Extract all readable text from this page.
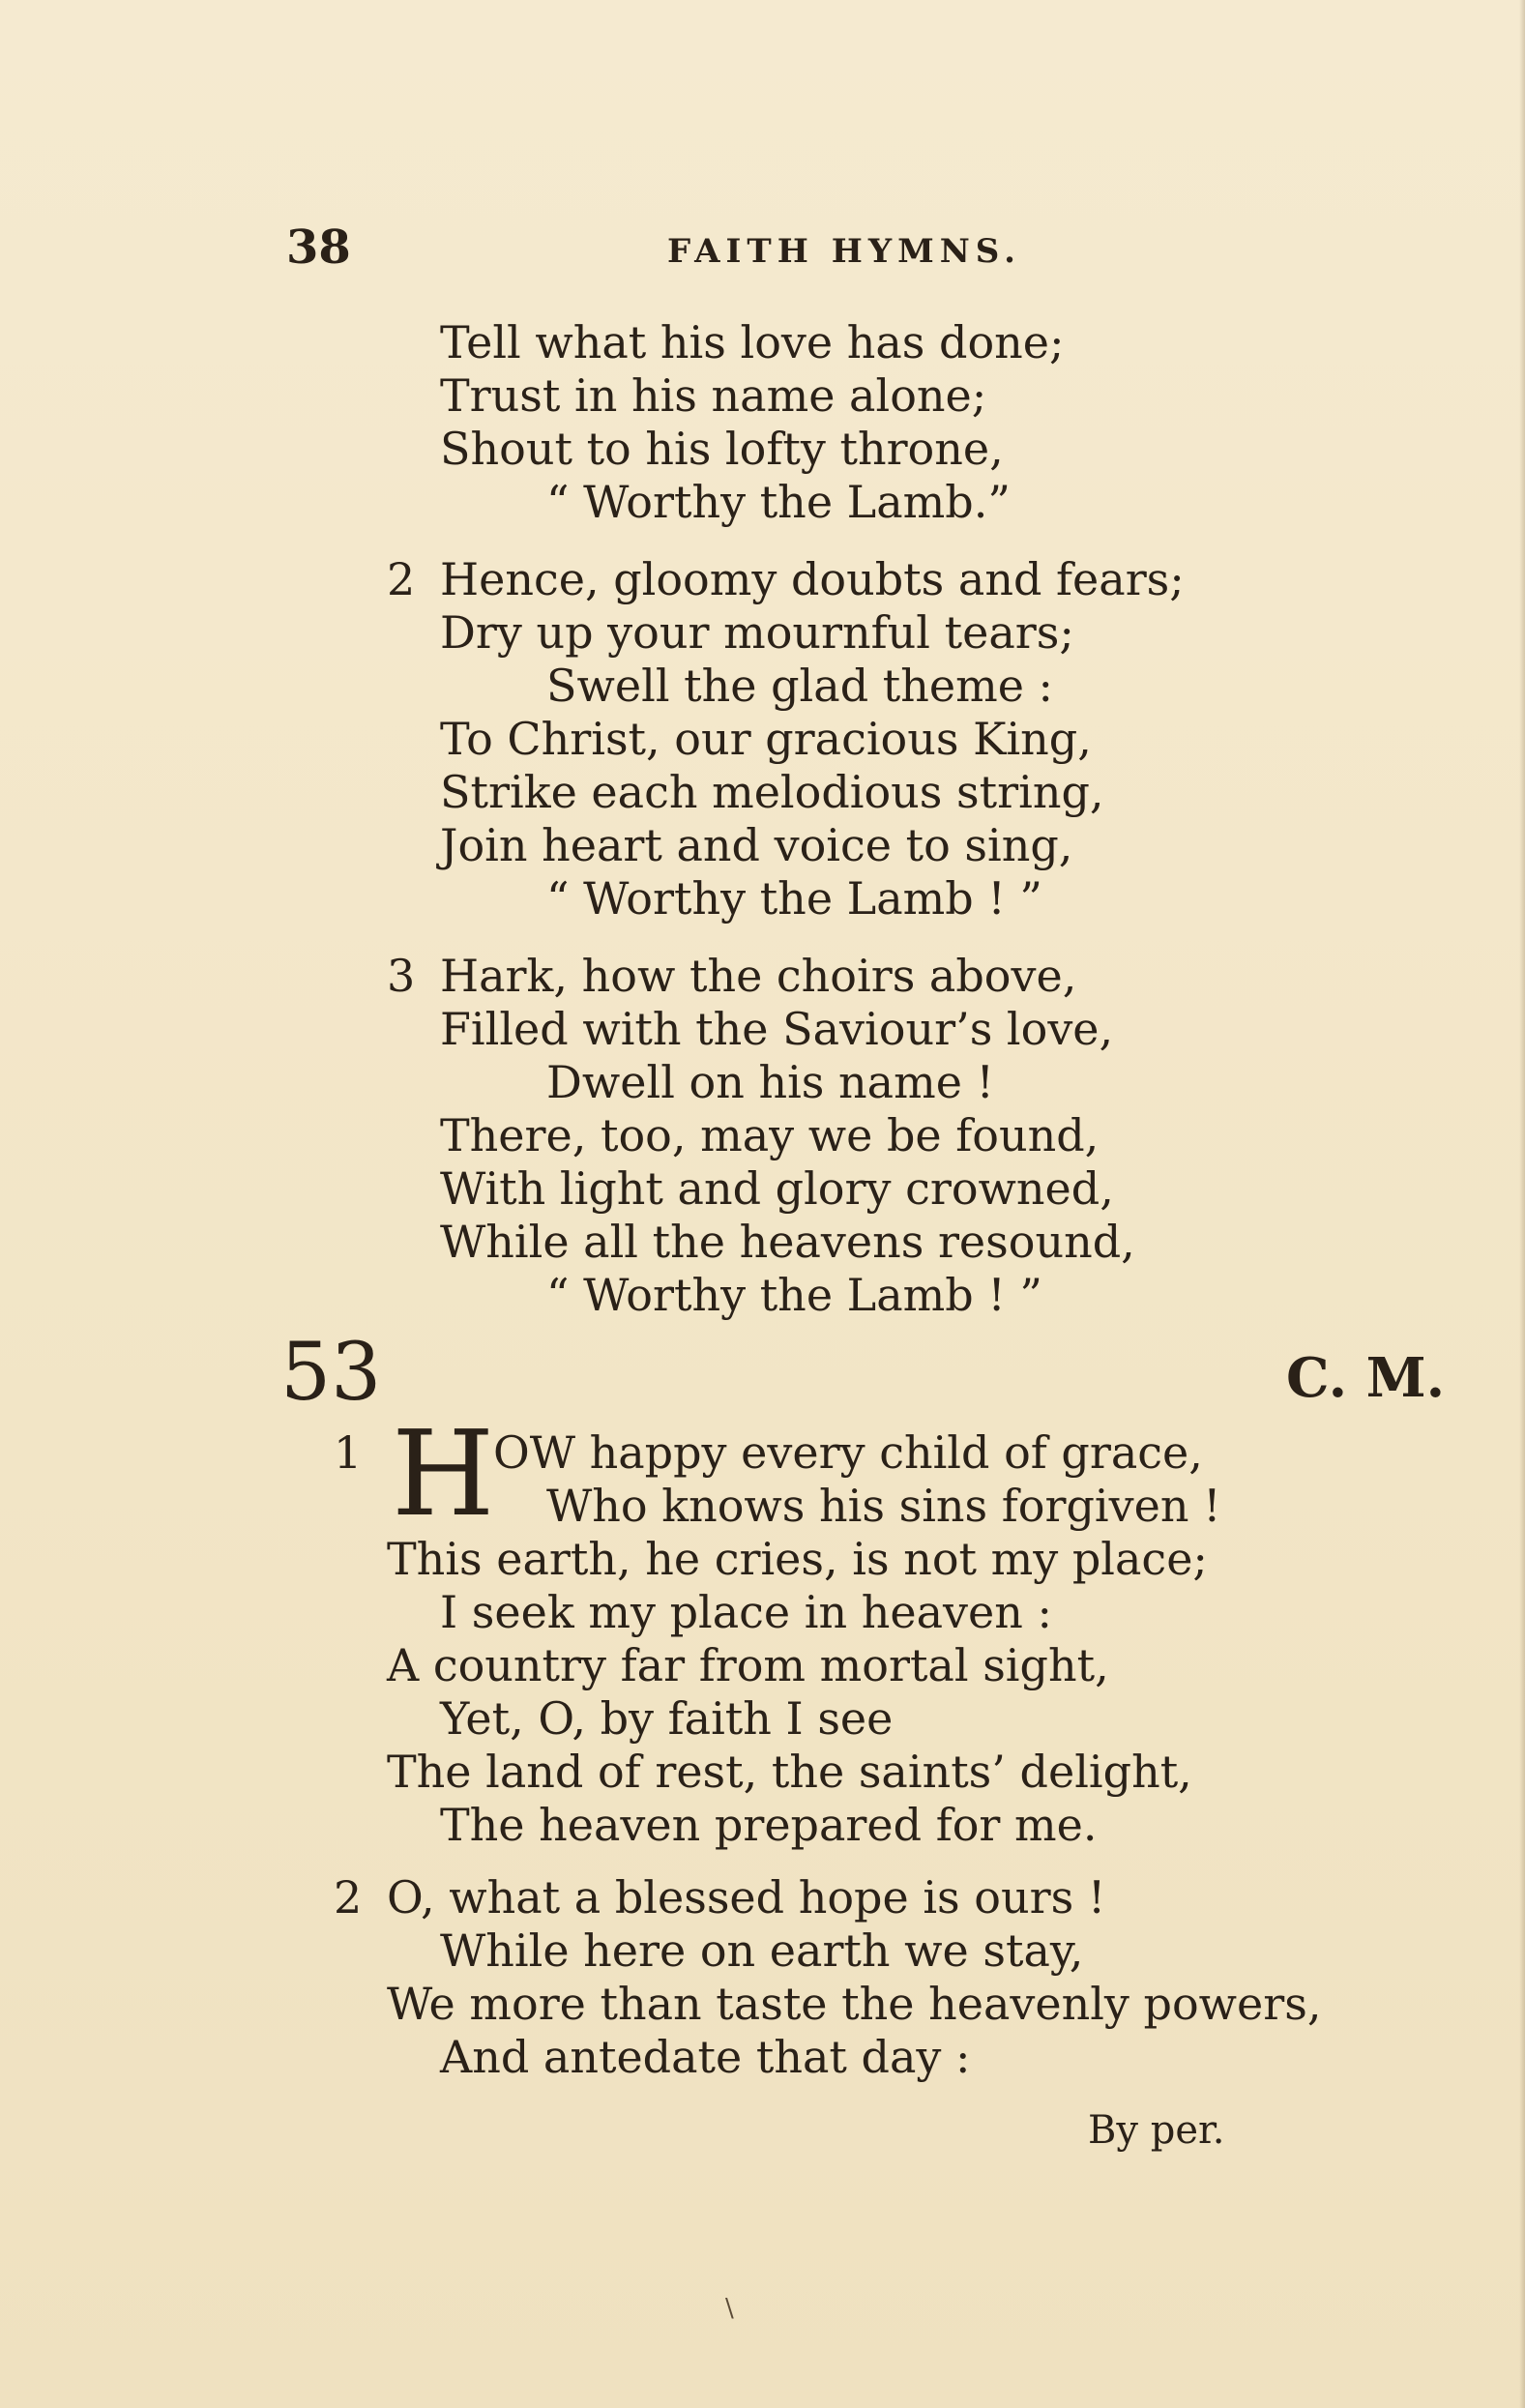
38	FAITH HYMNS.
Tell what his love has done;
Trust in his name alone;
Shout to his lofty throne,
“ Worthy the Lamb.”
2 Hence, gloomy doubts and fears;
Dry up your mournful tears;
Swell the glad theme :
To Christ, our gracious King,
Strike each melodious string,
Join heart and voice to sing,
“ Worthy the Lamb ! ”
3 Hark, how the choirs above,
Filled with the Saviour’s love,
Dwell on his name !
There, too, may we be found,
With light and glory crowned,
While all the heavens resound,
“ Worthy the Lamb ! ”
53	C. M.
1 H
OW happy every child of grace,
Who knows his sins forgiven !
This earth, he cries, is not my place;
I seek my place in heaven :
A country far from mortal sight,
Yet, O, by faith I see
The land of rest, the saints’ delight,
The heaven prepared for me.
2 O, what a blessed hope is ours !
While here on earth we stay,
We more than taste the heavenly powers,
And antedate that day :
By per.
\
